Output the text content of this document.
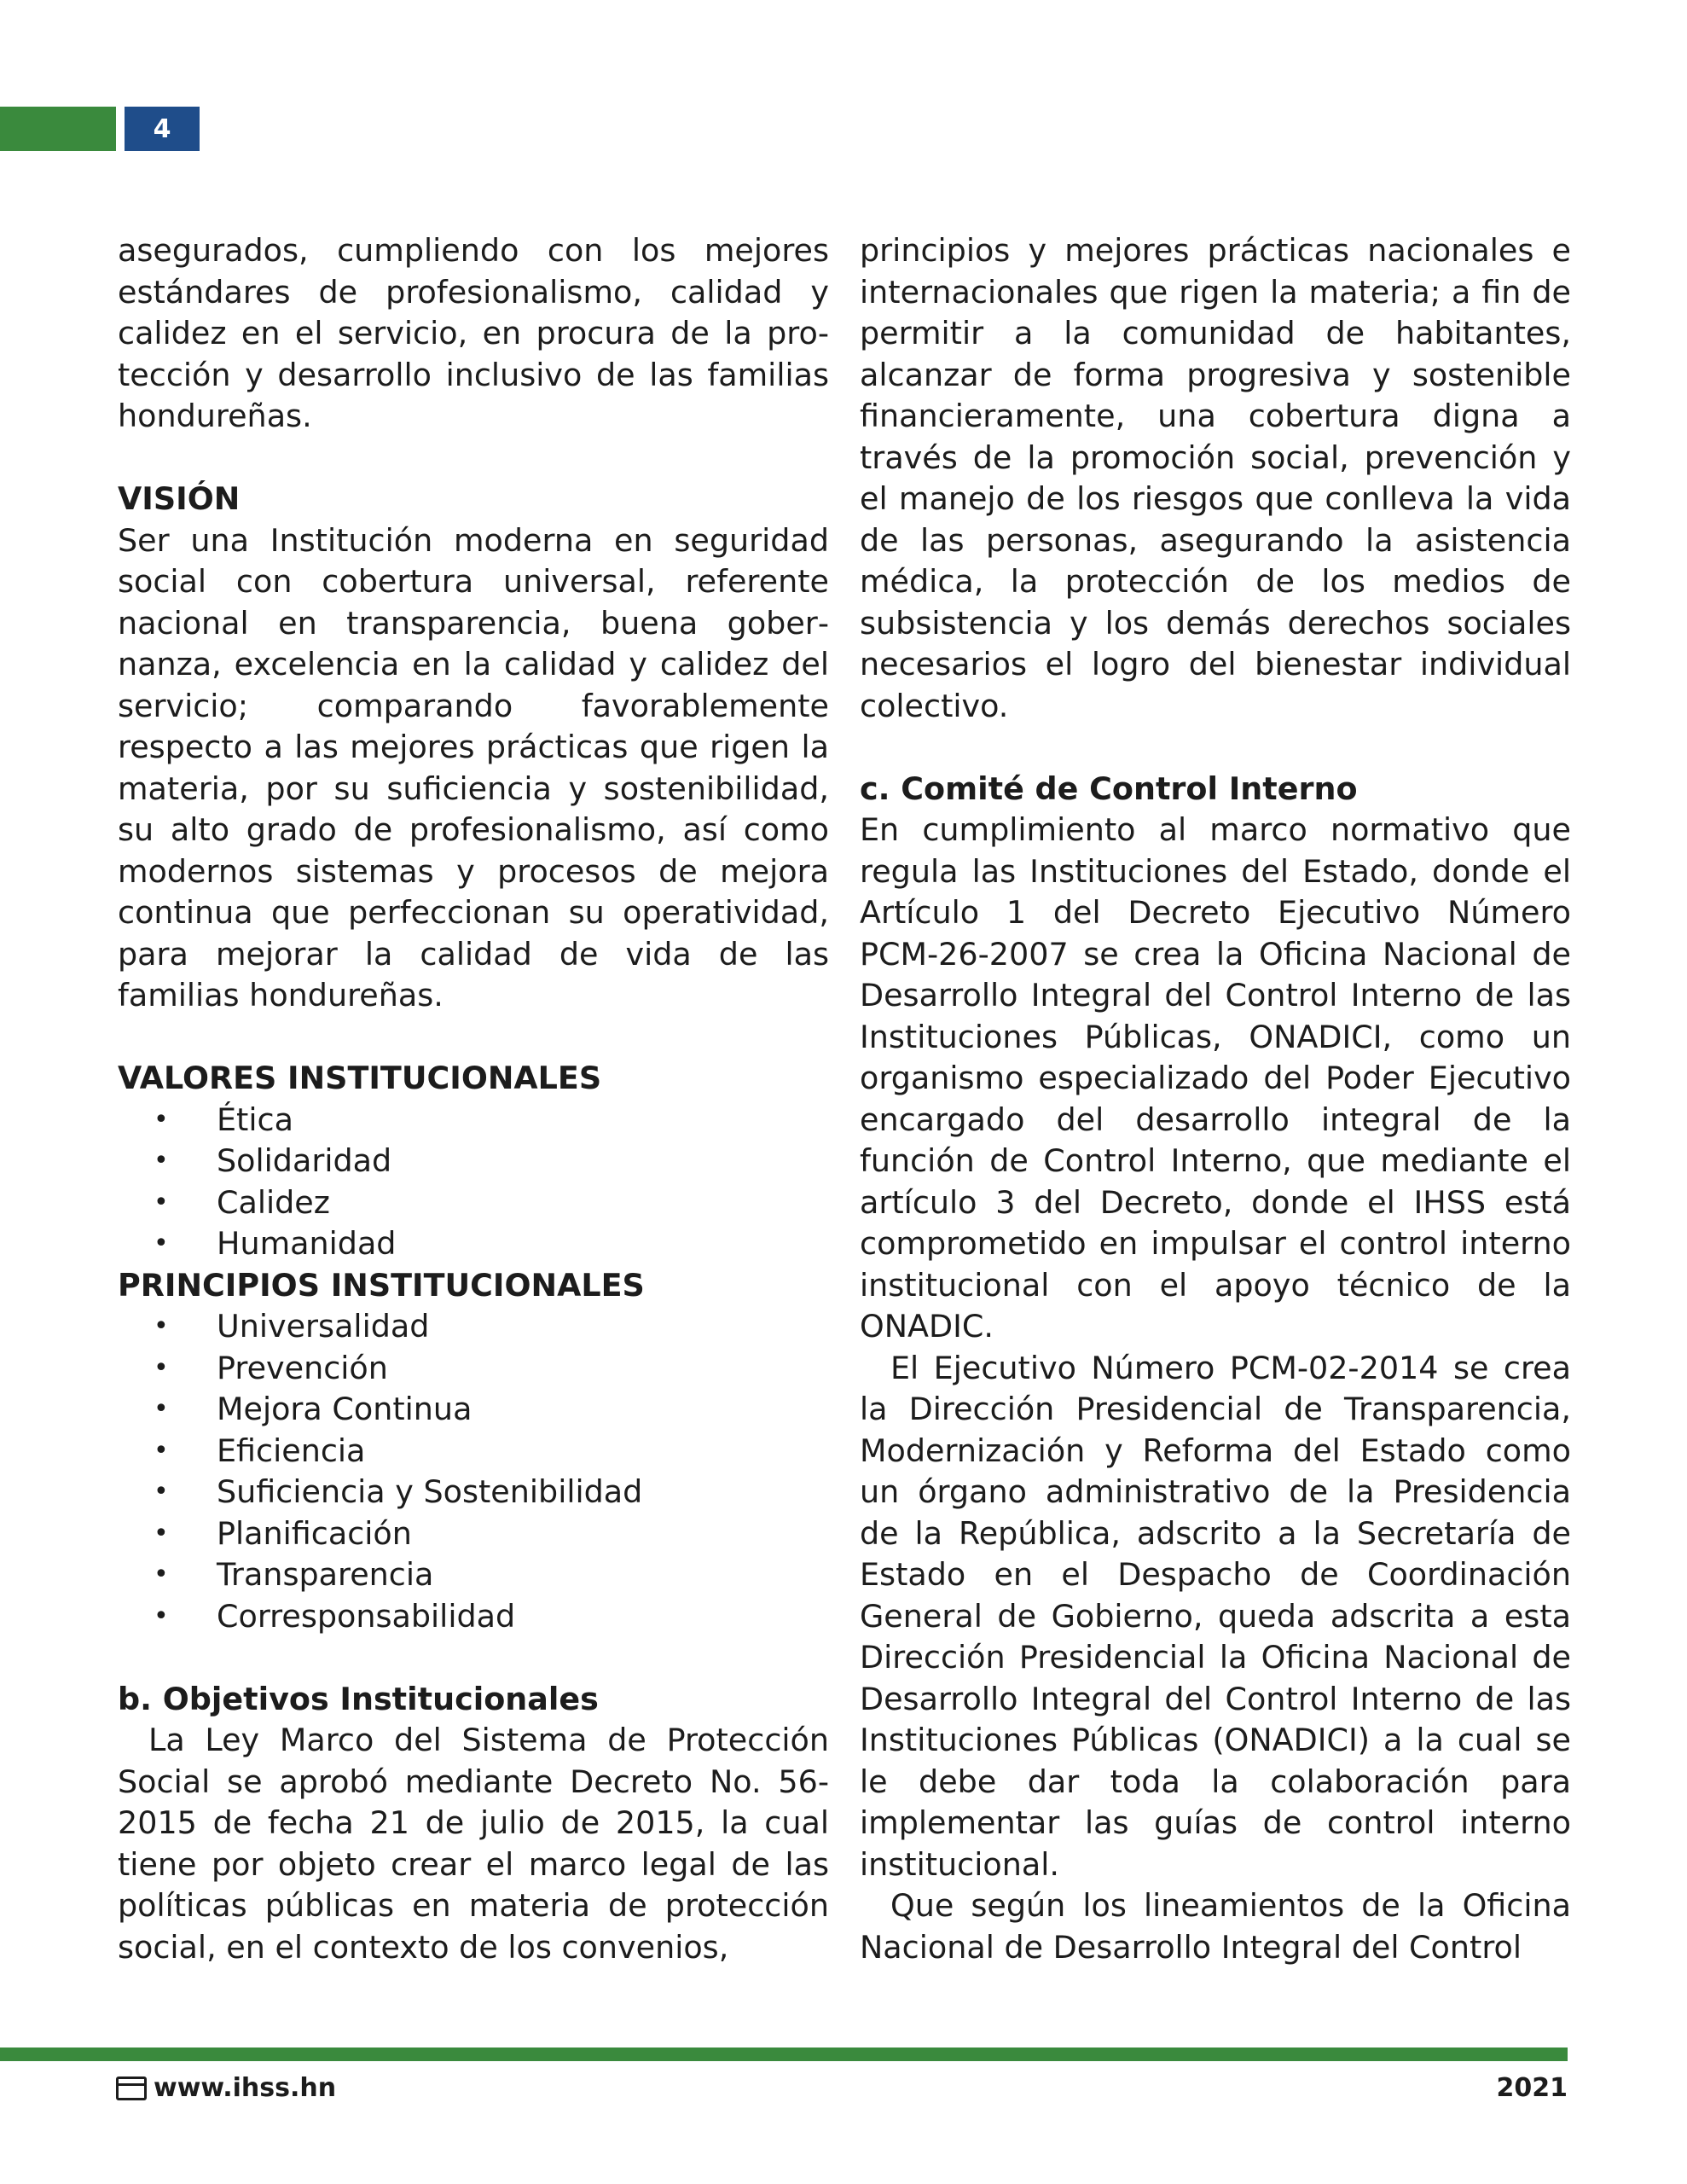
4

asegurados, cumpliendo con los mejores estándares de profesionalismo, calidad y calidez en el servicio, en procura de la protección y desarrollo inclusivo de las familias hondureñas.

VISIÓN

Ser una Institución moderna en seguridad social con cobertura universal, referente nacional en transparencia, buena gobernanza, excelencia en la calidad y calidez del servicio; comparando favorablemente respecto a las mejores prácticas que rigen la materia, por su suficiencia y sostenibilidad, su alto grado de profesionalismo, así como modernos sistemas y procesos de mejora continua que perfeccionan su operatividad, para mejorar la calidad de vida de las familias hondureñas.

VALORES INSTITUCIONALES
• Ética
• Solidaridad
• Calidez
• Humanidad
PRINCIPIOS INSTITUCIONALES
• Universalidad
• Prevención
• Mejora Continua
• Eficiencia
• Suficiencia y Sostenibilidad
• Planificación
• Transparencia
• Corresponsabilidad
b. Objetivos Institucionales

La Ley Marco del Sistema de Protección Social se aprobó mediante Decreto No. 56-2015 de fecha 21 de julio de 2015, la cual tiene por objeto crear el marco legal de las políticas públicas en materia de protección social, en el contexto de los convenios,

principios y mejores prácticas nacionales e internacionales que rigen la materia; a fin de permitir a la comunidad de habitantes, alcanzar de forma progresiva y sostenible financieramente, una cobertura digna a través de la promoción social, prevención y el manejo de los riesgos que conlleva la vida de las personas, asegurando la asistencia médica, la protección de los medios de subsistencia y los demás derechos sociales necesarios el logro del bienestar individual colectivo.

c. Comité de Control Interno

En cumplimiento al marco normativo que regula las Instituciones del Estado, donde el Artículo 1 del Decreto Ejecutivo Número PCM-26-2007 se crea la Oficina Nacional de Desarrollo Integral del Control Interno de las Instituciones Públicas, ONADICI, como un organismo especializado del Poder Ejecutivo encargado del desarrollo integral de la función de Control Interno, que mediante el artículo 3 del Decreto, donde el IHSS está comprometido en impulsar el control interno institucional con el apoyo técnico de la ONADIC.

El Ejecutivo Número PCM-02-2014 se crea la Dirección Presidencial de Transparencia, Modernización y Reforma del Estado como un órgano administrativo de la Presidencia de la República, adscrito a la Secretaría de Estado en el Despacho de Coordinación General de Gobierno, queda adscrita a esta Dirección Presidencial la Oficina Nacional de Desarrollo Integral del Control Interno de las Instituciones Públicas (ONADICI) a la cual se le debe dar toda la colaboración para implementar las guías de control interno institucional.

Que según los lineamientos de la Oficina Nacional de Desarrollo Integral del Control

www.ihss.hn	2021
